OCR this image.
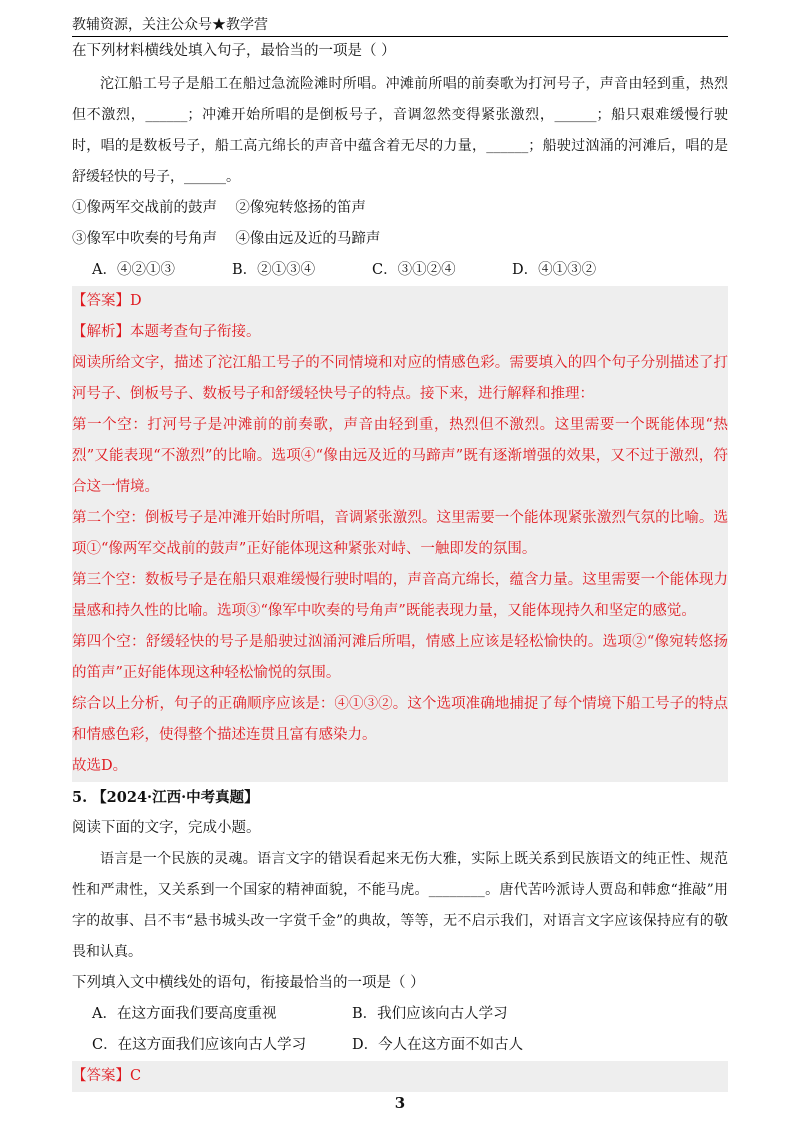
教辅资源，关注公众号★教学营

在下列材料横线处填入句子，最恰当的一项是（ ）

沱江船工号子是船工在船过急流险滩时所唱。冲滩前所唱的前奏歌为打河号子，声音由轻到重，热烈但不激烈，______；冲滩开始所唱的是倒板号子，音调忽然变得紧张激烈，______；船只艰难缓慢行驶时，唱的是数板号子，船工高亢绵长的声音中蕴含着无尽的力量，______；船驶过汹涌的河滩后，唱的是舒缓轻快的号子，______。

①像两军交战前的鼓声    ②像宛转悠扬的笛声

③像军中吹奏的号角声    ④像由远及近的马蹄声

A．④②①③	B．②①③④	C．③①②④	D．④①③②

【答案】D

【解析】本题考查句子衔接。

阅读所给文字，描述了沱江船工号子的不同情境和对应的情感色彩。需要填入的四个句子分别描述了打河号子、倒板号子、数板号子和舒缓轻快号子的特点。接下来，进行解释和推理：

第一个空：打河号子是冲滩前的前奏歌，声音由轻到重，热烈但不激烈。这里需要一个既能体现“热烈”又能表现“不激烈”的比喻。选项④“像由远及近的马蹄声”既有逐渐增强的效果，又不过于激烈，符合这一情境。

第二个空：倒板号子是冲滩开始时所唱，音调紧张激烈。这里需要一个能体现紧张激烈气氛的比喻。选项①“像两军交战前的鼓声”正好能体现这种紧张对峙、一触即发的氛围。

第三个空：数板号子是在船只艰难缓慢行驶时唱的，声音高亢绵长，蕴含力量。这里需要一个能体现力量感和持久性的比喻。选项③“像军中吹奏的号角声”既能表现力量，又能体现持久和坚定的感觉。

第四个空：舒缓轻快的号子是船驶过汹涌河滩后所唱，情感上应该是轻松愉快的。选项②“像宛转悠扬的笛声”正好能体现这种轻松愉悦的氛围。

综合以上分析，句子的正确顺序应该是：④①③②。这个选项准确地捕捉了每个情境下船工号子的特点和情感色彩，使得整个描述连贯且富有感染力。

故选D。

5. 【2024·江西·中考真题】

阅读下面的文字，完成小题。

语言是一个民族的灵魂。语言文字的错误看起来无伤大雅，实际上既关系到民族语文的纯正性、规范性和严肃性，又关系到一个国家的精神面貌，不能马虎。________。唐代苦吟派诗人贾岛和韩愈“推敲”用字的故事、吕不韦“悬书城头改一字赏千金”的典故，等等，无不启示我们，对语言文字应该保持应有的敬畏和认真。

下列填入文中横线处的语句，衔接最恰当的一项是（ ）

A．在这方面我们要高度重视	B．我们应该向古人学习
C．在这方面我们应该向古人学习	D．今人在这方面不如古人

【答案】C

3
